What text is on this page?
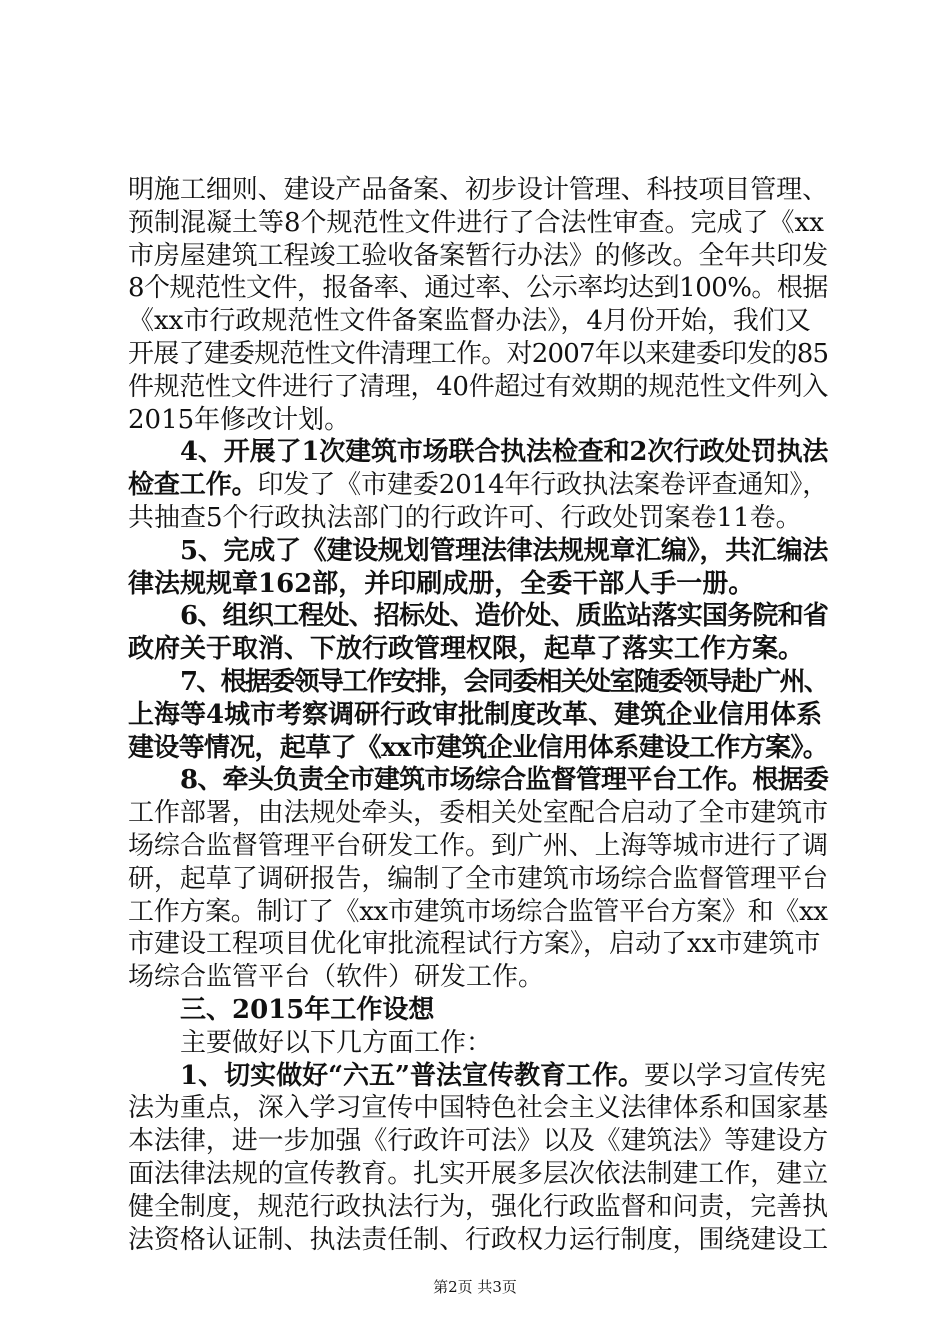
明施工细则、建设产品备案、初步设计管理、科技项目管理、
预制混凝土等8个规范性文件进行了合法性审查。完成了《xx
市房屋建筑工程竣工验收备案暂行办法》的修改。全年共印发
8个规范性文件，报备率、通过率、公示率均达到100%。根据
《xx市行政规范性文件备案监督办法》，4月份开始，我们又
开展了建委规范性文件清理工作。对2007年以来建委印发的85
件规范性文件进行了清理，40件超过有效期的规范性文件列入
2015年修改计划。
4、开展了1次建筑市场联合执法检查和2次行政处罚执法
检查工作。印发了《市建委2014年行政执法案卷评查通知》，
共抽查5个行政执法部门的行政许可、行政处罚案卷11卷。
5、完成了《建设规划管理法律法规规章汇编》，共汇编法
律法规规章162部，并印刷成册，全委干部人手一册。
6、组织工程处、招标处、造价处、质监站落实国务院和省
政府关于取消、下放行政管理权限，起草了落实工作方案。
7、根据委领导工作安排，会同委相关处室随委领导赴广州、
上海等4城市考察调研行政审批制度改革、建筑企业信用体系
建设等情况，起草了《xx市建筑企业信用体系建设工作方案》。
8、牵头负责全市建筑市场综合监督管理平台工作。根据委
工作部署，由法规处牵头，委相关处室配合启动了全市建筑市
场综合监督管理平台研发工作。到广州、上海等城市进行了调
研，起草了调研报告，编制了全市建筑市场综合监督管理平台
工作方案。制订了《xx市建筑市场综合监管平台方案》和《xx
市建设工程项目优化审批流程试行方案》，启动了xx市建筑市
场综合监管平台（软件）研发工作。
三、2015年工作设想
主要做好以下几方面工作：
1、切实做好“六五”普法宣传教育工作。要以学习宣传宪
法为重点，深入学习宣传中国特色社会主义法律体系和国家基
本法律，进一步加强《行政许可法》以及《建筑法》等建设方
面法律法规的宣传教育。扎实开展多层次依法制建工作，建立
健全制度，规范行政执法行为，强化行政监督和问责，完善执
法资格认证制、执法责任制、行政权力运行制度，围绕建设工
第2页 共3页
